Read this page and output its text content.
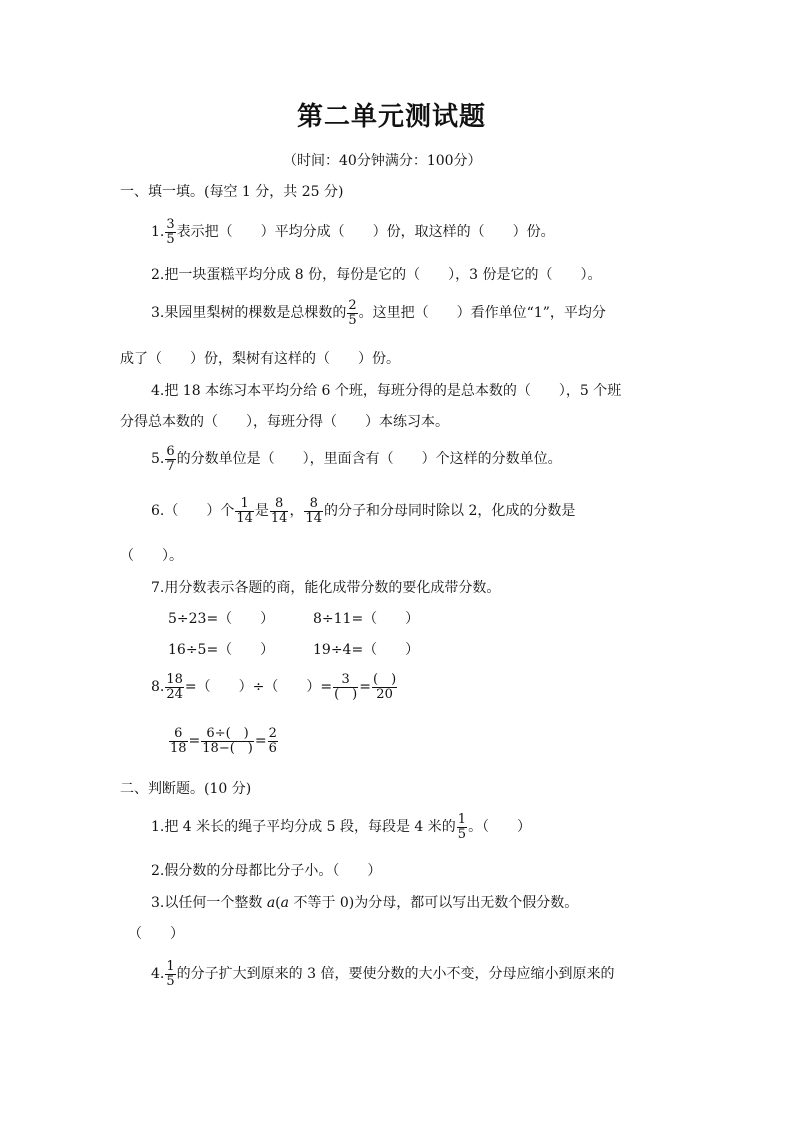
第二单元测试题
（时间：40分钟满分：100分）
一、填一填。(每空 1 分，共 25 分)
1. $\frac{3}{5}$ 表示把（　　）平均分成（　　）份，取这样的（　　）份。
2.把一块蛋糕平均分成 8 份，每份是它的（　　），3 份是它的（　　）。
3.果园里梨树的棵数是总棵数的 $\frac{2}{5}$ 。这里把（　　）看作单位“1”，平均分
成了（　　）份，梨树有这样的（　　）份。
4.把 18 本练习本平均分给 6 个班，每班分得的是总本数的（　　），5 个班
分得总本数的（　　），每班分得（　　）本练习本。
5. $\frac{6}{7}$ 的分数单位是（　　），里面含有（　　）个这样的分数单位。
6.（　　）个 $\frac{1}{14}$ 是 $\frac{8}{14}$ ， $\frac{8}{14}$ 的分子和分母同时除以 2，化成的分数是
（　　）。
7.用分数表示各题的商，能化成带分数的要化成带分数。
5÷23=（　　）	8÷11=（　　）
16÷5=（　　）	19÷4=（　　）
8. $\frac{18}{24}$ =（　　）÷（　　）= $\frac{3}{( )} = \frac{( )}{20}$
$\frac{6}{18} = \frac{6\div( )}{18-( )} = \frac{2}{6}$
二、判断题。(10 分)
1.把 4 米长的绳子平均分成 5 段，每段是 4 米的 $\frac{1}{5}$ 。（　　）
2.假分数的分母都比分子小。（　　）
3.以任何一个整数 a(a 不等于 0)为分母，都可以写出无数个假分数。
（　　）
4. $\frac{1}{5}$ 的分子扩大到原来的 3 倍，要使分数的大小不变，分母应缩小到原来的
